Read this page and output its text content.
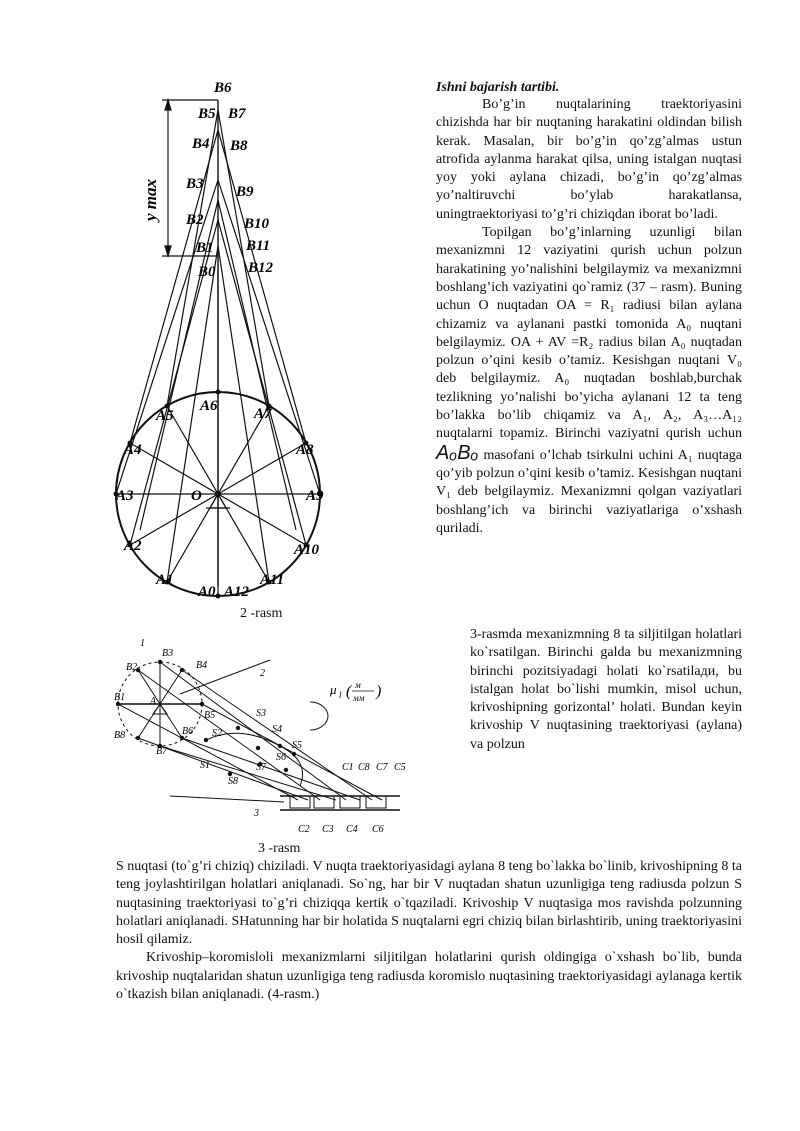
y max
B6
B5 B7
B4 B8
B3 B9
B2	B10
B1 B11
B0 B12
A6
A5	A7
A4	A8
A3	O	A9
A2	A10
A1	A11
A0 A12
2 -rasm

Ishni bajarish tartibi.

Bo’g’in nuqtalarining traektoriyasini chizishda har bir nuqtaning harakatini oldindan bilish kerak. Masalan, bir bo’g’in qo’zg’almas ustun atrofida aylanma harakat qilsa, uning istalgan nuqtasi yoy yoki aylana chizadi, bo’g’in qo’zg’almas yo’naltiruvchi bo’ylab harakatlansa, uningtraektoriyasi to’g’ri chiziqdan iborat bo’ladi.

Topilgan bo’g’inlarning uzunligi bilan mexanizmni 12 vaziyatini qurish uchun polzun harakatining yo’nalishini belgilaymiz va mexanizmni boshlang’ich vaziyatini qo`ramiz (37 – rasm). Buning uchun O nuqtadan OA = R₁ radiusi bilan aylana chizamiz va aylanani pastki tomonida A₀ nuqtani belgilaymiz. OA + AV =R₂ radius bilan A₀ nuqtadan polzun o’qini kesib o’tamiz. Kesishgan nuqtani V₀ deb belgilaymiz. A₀ nuqtadan boshlab,burchak tezlikning yo’nalishi bo’yicha aylanani 12 ta teng bo’lakka bo’lib chiqamiz va A₁, A₂, A₃…A₁₂ nuqtalarni topamiz. Birinchi vaziyatni qurish uchun AₒBₒ masofani o’lchab tsirkulni uchini A₁ nuqtaga qo’yib polzun o’qini kesib o’tamiz. Kesishgan nuqtani V₁ deb belgilaymiz. Mexanizmni qolgan vaziyatlari boshlang’ich va birinchi vaziyatlariga o’xshash quriladi.

1
2
3
B1
B2
B3
B4
B5
B6
B7
B8
A
S1
S2
S3
S4
S5
S6
S7
S8
C1
C2 C3 C4
C5
C6
C7
C8
μ l ( м
мм )
3 -rasm

3-rasmda mexanizmning 8 ta siljitilgan holatlari ko`rsatilgan. Birinchi galda bu mexanizmning birinchi pozitsiyadagi holati ko`rsatilади, bu istalgan holat bo`lishi mumkin, misol uchun, krivoshipning gorizontal’ holati. Bundan keyin krivoship V nuqtasining traektoriyasi (aylana) va polzun

S nuqtasi (to`g’ri chiziq) chiziladi. V nuqta traektoriyasidagi aylana 8 teng bo`lakka bo`linib, krivoshipning 8 ta teng joylashtirilgan holatlari aniqlanadi. So`ng, har bir V nuqtadan shatun uzunligiga teng radiusda polzun S nuqtasining traektoriyasi to`g’ri chiziqqa kertik o`tqaziladi. Krivoship V nuqtasiga mos ravishda polzunning holatlari aniqlanadi. SHatunning har bir holatida S nuqtalarni egri chiziq bilan birlashtirib, uning traektoriyasini hosil qilamiz.

Krivoship–koromisloli mexanizmlarni siljitilgan holatlarini qurish oldingiga o`xshash bo`lib, bunda krivoship nuqtalaridan shatun uzunligiga teng radiusda koromislo nuqtasining traektoriyasidagi aylanaga kertik o`tkazish bilan aniqlanadi. (4-rasm.)
